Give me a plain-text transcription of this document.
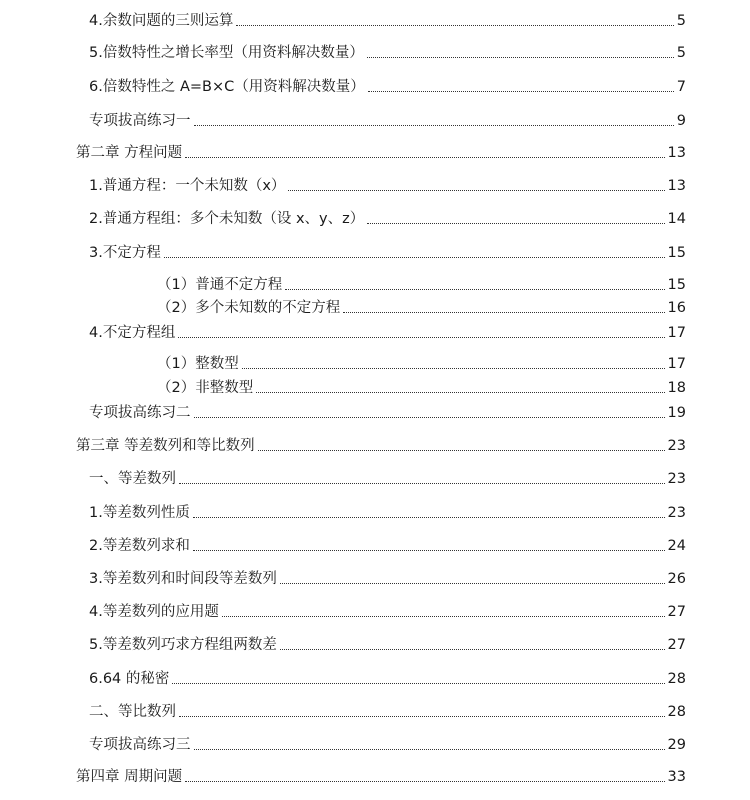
4.余数问题的三则运算	5
5.倍数特性之增长率型（用资料解决数量）	5
6.倍数特性之 A=B×C（用资料解决数量）	7
专项拔高练习一	9
第二章 方程问题	13
1.普通方程：一个未知数（x）	13
2.普通方程组：多个未知数（设 x、y、z）	14
3.不定方程	15
（1）普通不定方程	15
（2）多个未知数的不定方程	16
4.不定方程组	17
（1）整数型	17
（2）非整数型	18
专项拔高练习二	19
第三章 等差数列和等比数列	23
一、等差数列	23
1.等差数列性质	23
2.等差数列求和	24
3.等差数列和时间段等差数列	26
4.等差数列的应用题	27
5.等差数列巧求方程组两数差	27
6.64 的秘密	28
二、等比数列	28
专项拔高练习三	29
第四章 周期问题	33
